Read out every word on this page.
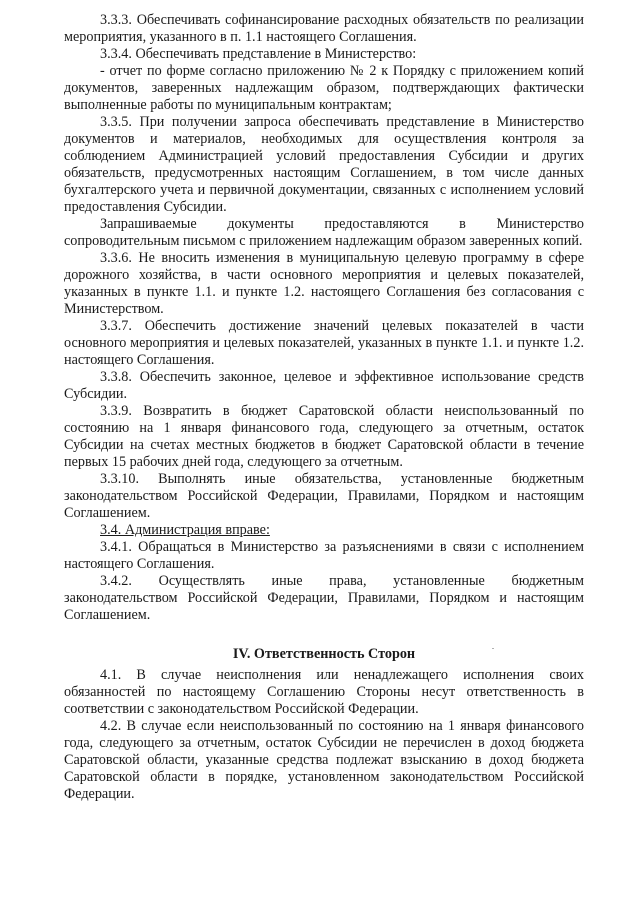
3.3.3. Обеспечивать софинансирование расходных обязательств по реализации мероприятия, указанного в п. 1.1 настоящего Соглашения.

3.3.4. Обеспечивать представление в Министерство:

- отчет по форме согласно приложению № 2 к Порядку с приложением копий документов, заверенных надлежащим образом, подтверждающих фактически выполненные работы по муниципальным контрактам;

3.3.5. При получении запроса обеспечивать представление в Министерство документов и материалов, необходимых для осуществления контроля за соблюдением Администрацией условий предоставления Субсидии и других обязательств, предусмотренных настоящим Соглашением, в том числе данных бухгалтерского учета и первичной документации, связанных с исполнением условий предоставления Субсидии.

Запрашиваемые документы предоставляются в Министерство сопроводительным письмом с приложением надлежащим образом заверенных копий.

3.3.6. Не вносить изменения в муниципальную целевую программу в сфере дорожного хозяйства, в части основного мероприятия и целевых показателей, указанных в пункте 1.1. и пункте 1.2. настоящего Соглашения без согласования с Министерством.

3.3.7. Обеспечить достижение значений целевых показателей в части основного мероприятия и целевых показателей, указанных в пункте 1.1. и пункте 1.2. настоящего Соглашения.

3.3.8. Обеспечить законное, целевое и эффективное использование средств Субсидии.

3.3.9. Возвратить в бюджет Саратовской области неиспользованный по состоянию на 1 января финансового года, следующего за отчетным, остаток Субсидии на счетах местных бюджетов в бюджет Саратовской области в течение первых 15 рабочих дней года, следующего за отчетным.

3.3.10. Выполнять иные обязательства, установленные бюджетным законодательством Российской Федерации, Правилами, Порядком и настоящим Соглашением.

3.4. Администрация вправе:

3.4.1. Обращаться в Министерство за разъяснениями в связи с исполнением настоящего Соглашения.

3.4.2. Осуществлять иные права, установленные бюджетным законодательством Российской Федерации, Правилами, Порядком и настоящим Соглашением.

IV. Ответственность Сторон

4.1. В случае неисполнения или ненадлежащего исполнения своих обязанностей по настоящему Соглашению Стороны несут ответственность в соответствии с законодательством Российской Федерации.

4.2. В случае если неиспользованный по состоянию на 1 января финансового года, следующего за отчетным, остаток Субсидии не перечислен в доход бюджета Саратовской области, указанные средства подлежат взысканию в доход бюджета Саратовской области в порядке, установленном законодательством Российской Федерации.
